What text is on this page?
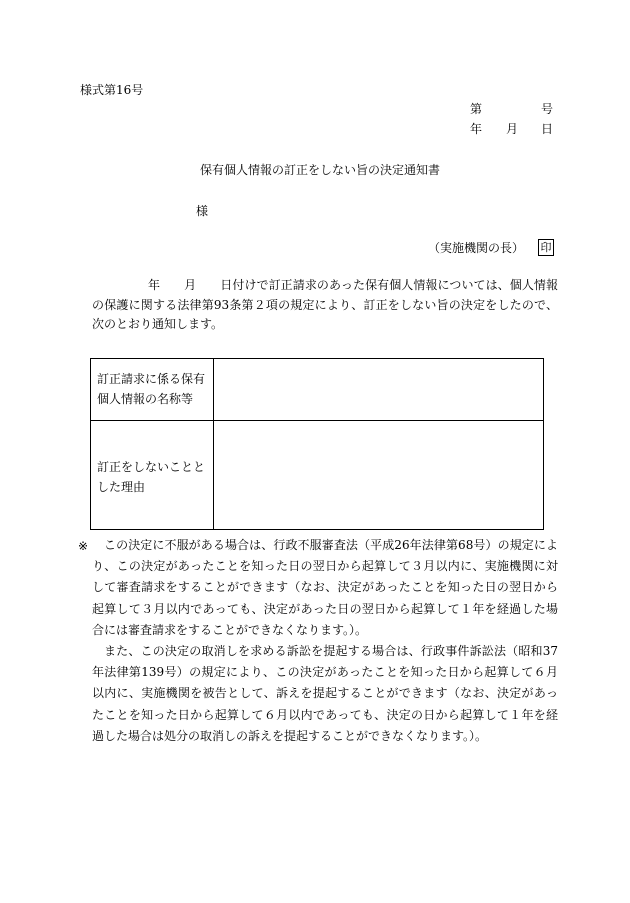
様式第16号
第	号
年 月 日
保有個人情報の訂正をしない旨の決定通知書
様
（実施機関の長） 印
年 月 日付けで訂正請求のあった保有個人情報については、個人情報の保護に関する法律第93条第２項の規定により、訂正をしない旨の決定をしたので、次のとおり通知します。
訂正請求に係る保有個人情報の名称等
訂正をしないこととした理由
※	この決定に不服がある場合は、行政不服審査法（平成26年法律第68号）の規定により、この決定があったことを知った日の翌日から起算して３月以内に、実施機関に対して審査請求をすることができます（なお、決定があったことを知った日の翌日から起算して３月以内であっても、決定があった日の翌日から起算して１年を経過した場合には審査請求をすることができなくなります。）。

また、この決定の取消しを求める訴訟を提起する場合は、行政事件訴訟法（昭和37年法律第139号）の規定により、この決定があったことを知った日から起算して６月以内に、実施機関を被告として、訴えを提起することができます（なお、決定があったことを知った日から起算して６月以内であっても、決定の日から起算して１年を経過した場合は処分の取消しの訴えを提起することができなくなります。）。
